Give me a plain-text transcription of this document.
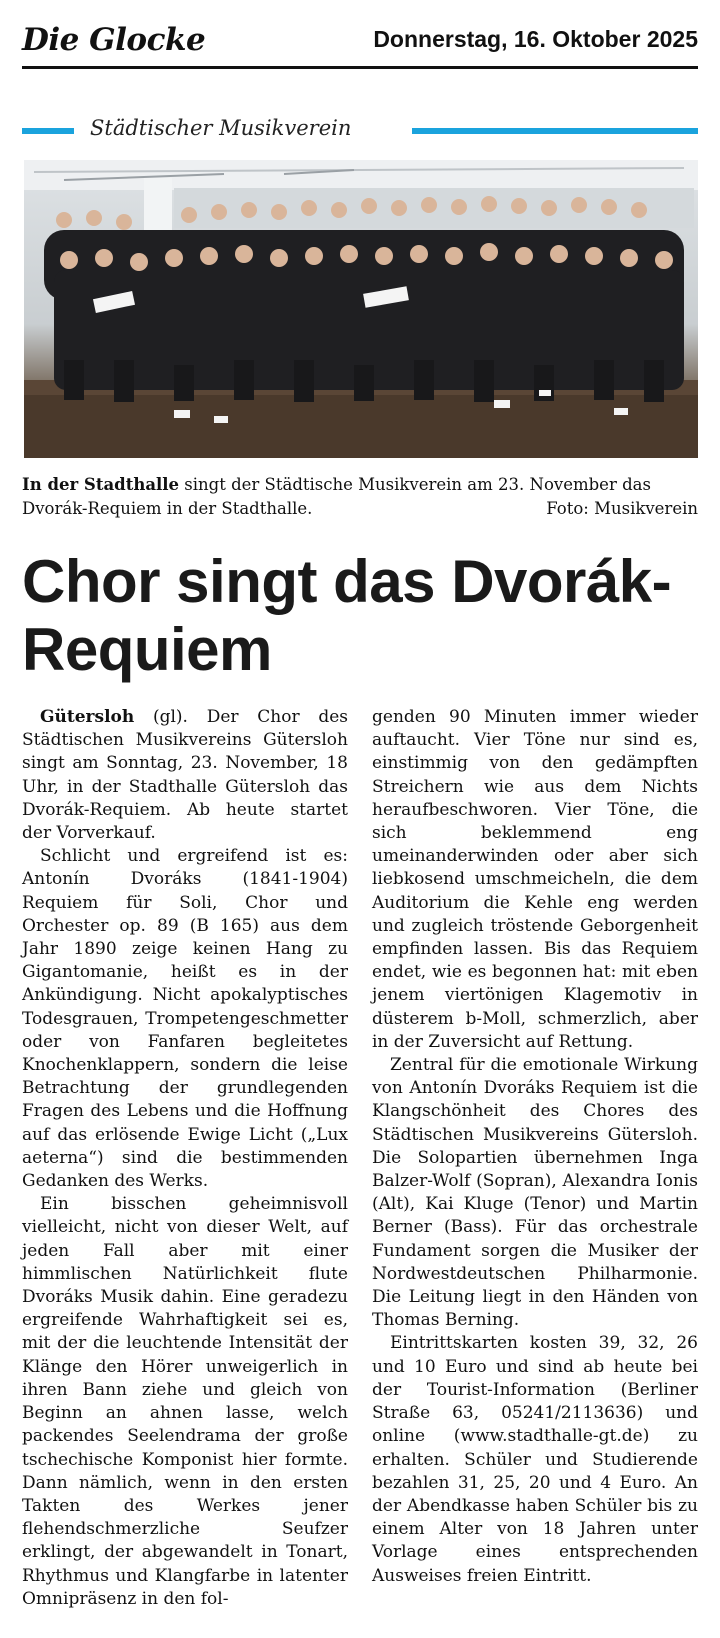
Die Glocke	Donnerstag, 16. Oktober 2025
Städtischer Musikverein
In der Stadthalle singt der Städtische Musikverein am 23. November das Dvorák-Requiem in der Stadthalle.	Foto: Musikverein
Chor singt das Dvorák-Requiem

Gütersloh (gl). Der Chor des Städtischen Musikvereins Gütersloh singt am Sonntag, 23. November, 18 Uhr, in der Stadthalle Gütersloh das Dvorák-Requiem. Ab heute startet der Vorverkauf.

Schlicht und ergreifend ist es: Antonín Dvoráks (1841-1904) Requiem für Soli, Chor und Orchester op. 89 (B 165) aus dem Jahr 1890 zeige keinen Hang zu Gigantomanie, heißt es in der Ankündigung. Nicht apokalyptisches Todesgrauen, Trompetengeschmetter oder von Fanfaren begleitetes Knochenklappern, sondern die leise Betrachtung der grundlegenden Fragen des Lebens und die Hoffnung auf das erlösende Ewige Licht („Lux aeterna“) sind die bestimmenden Gedanken des Werks.

Ein bisschen geheimnisvoll vielleicht, nicht von dieser Welt, auf jeden Fall aber mit einer himmlischen Natürlichkeit flute Dvoráks Musik dahin. Eine geradezu ergreifende Wahrhaftigkeit sei es, mit der die leuchtende Intensität der Klänge den Hörer unweigerlich in ihren Bann ziehe und gleich von Beginn an ahnen lasse, welch packendes Seelendrama der große tschechische Komponist hier formte. Dann nämlich, wenn in den ersten Takten des Werkes jener flehendschmerzliche Seufzer erklingt, der abgewandelt in Tonart, Rhythmus und Klangfarbe in latenter Omnipräsenz in den fol-

genden 90 Minuten immer wieder auftaucht. Vier Töne nur sind es, einstimmig von den gedämpften Streichern wie aus dem Nichts heraufbeschworen. Vier Töne, die sich beklemmend eng umeinanderwinden oder aber sich liebkosend umschmeicheln, die dem Auditorium die Kehle eng werden und zugleich tröstende Geborgenheit empfinden lassen. Bis das Requiem endet, wie es begonnen hat: mit eben jenem viertönigen Klagemotiv in düsterem b-Moll, schmerzlich, aber in der Zuversicht auf Rettung.

Zentral für die emotionale Wirkung von Antonín Dvoráks Requiem ist die Klangschönheit des Chores des Städtischen Musikvereins Gütersloh. Die Solopartien übernehmen Inga Balzer-Wolf (Sopran), Alexandra Ionis (Alt), Kai Kluge (Tenor) und Martin Berner (Bass). Für das orchestrale Fundament sorgen die Musiker der Nordwestdeutschen Philharmonie. Die Leitung liegt in den Händen von Thomas Berning.

Eintrittskarten kosten 39, 32, 26 und 10 Euro und sind ab heute bei der Tourist-Information (Berliner Straße 63, 05241/2113636) und online (www.stadthalle-gt.de) zu erhalten. Schüler und Studierende bezahlen 31, 25, 20 und 4 Euro. An der Abendkasse haben Schüler bis zu einem Alter von 18 Jahren unter Vorlage eines entsprechenden Ausweises freien Eintritt.
